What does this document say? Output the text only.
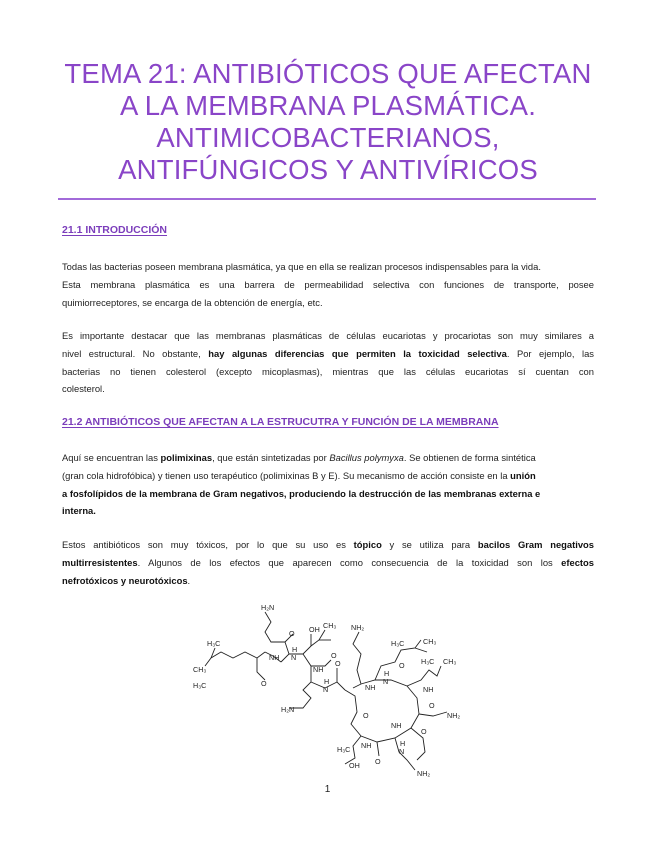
TEMA 21: ANTIBIÓTICOS QUE AFECTAN
A LA MEMBRANA PLASMÁTICA.
ANTIMICOBACTERIANOS,
ANTIFÚNGICOS Y ANTIVÍRICOS
21.1 INTRODUCCIÓN
Todas las bacterias poseen membrana plasmática, ya que en ella se realizan procesos indispensables para la vida.
Esta membrana plasmática es una barrera de permeabilidad selectiva con funciones de transporte, posee
quimiorreceptores, se encarga de la obtención de energía, etc.
Es importante destacar que las membranas plasmáticas de células eucariotas y procariotas son muy similares a
nivel estructural. No obstante, hay algunas diferencias que permiten la toxicidad selectiva. Por ejemplo, las
bacterias no tienen colesterol (excepto micoplasmas), mientras que las células eucariotas sí cuentan con
colesterol.
21.2 ANTIBIÓTICOS QUE AFECTAN A LA ESTRUCUTRA Y FUNCIÓN DE LA MEMBRANA
Aquí se encuentran las polimixinas, que están sintetizadas por Bacillus polymyxa. Se obtienen de forma sintética
(gran cola hidrofóbica) y tienen uso terapéutico (polimixinas B y E). Su mecanismo de acción consiste en la unión
a fosfolípidos de la membrana de Gram negativos, produciendo la destrucción de las membranas externa e
interna.
Estos antibióticos son muy tóxicos, por lo que su uso es tópico y se utiliza para bacilos Gram negativos
multirresistentes. Algunos de los efectos que aparecen como consecuencia de la toxicidad son los efectos
nefrotóxicos y neurotóxicos.
H₂N
O OH CH₃
NH
H
N
H₃C
CH₃
H₃C	O
NH
O
H₂N
H
N	NH
O
NH₂
H₃C	CH₃
O
H
N
NH
H₃C CH₃
O
O
NH
NH₂
O
NH
H₃C
OH
H
N
O
NH₂
1
